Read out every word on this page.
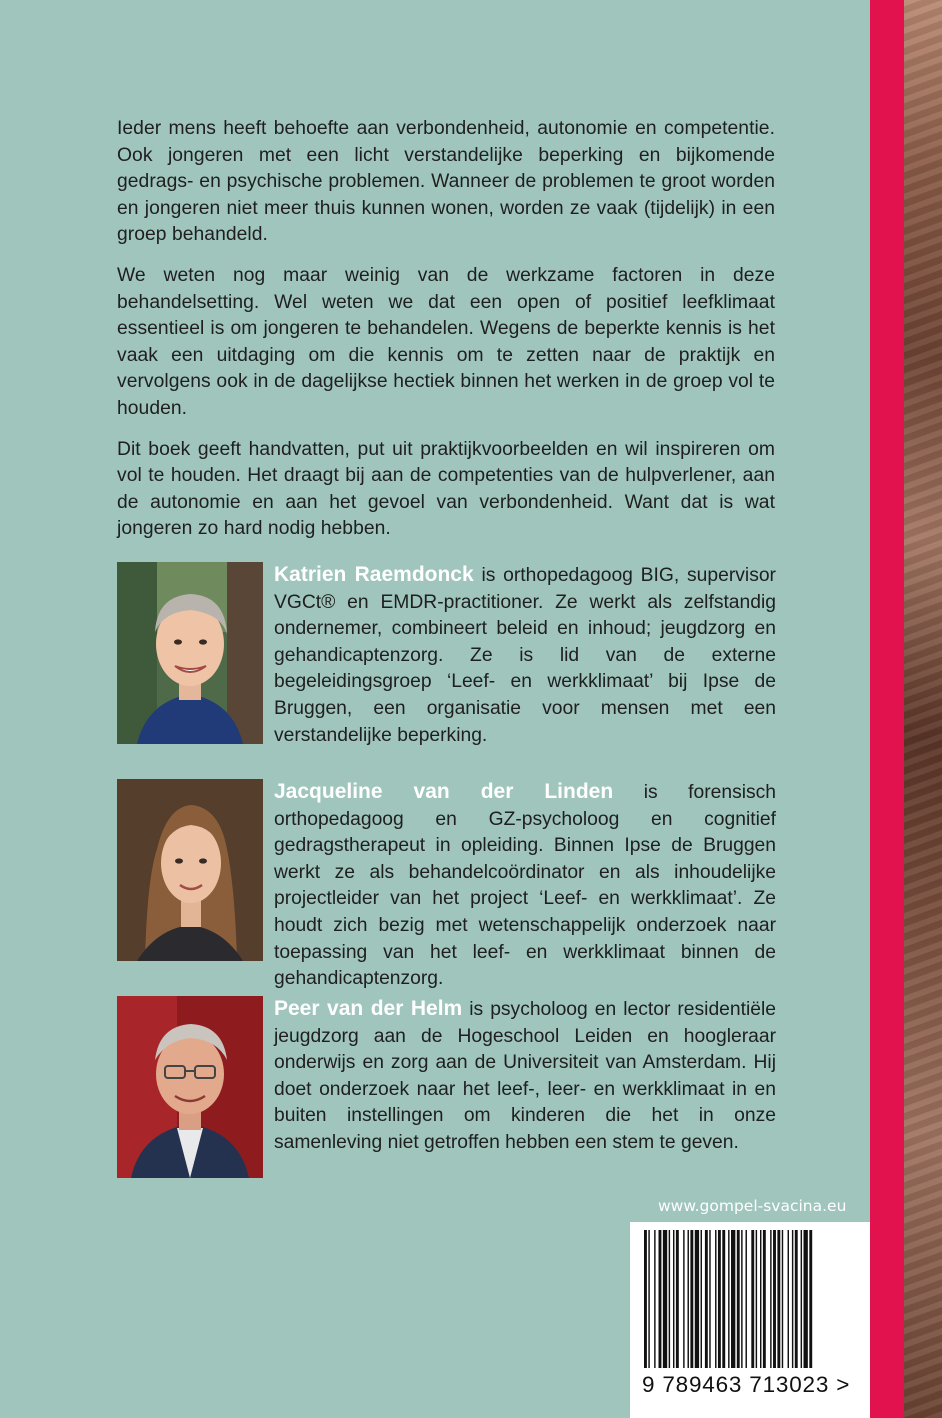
Ieder mens heeft behoefte aan verbondenheid, autonomie en competentie. Ook jongeren met een licht verstandelijke beperking en bijkomende gedrags- en psychische problemen. Wanneer de problemen te groot worden en jongeren niet meer thuis kunnen wonen, worden ze vaak (tijdelijk) in een groep behandeld.

We weten nog maar weinig van de werkzame factoren in deze behandelsetting. Wel weten we dat een open of positief leefklimaat essentieel is om jongeren te behandelen. Wegens de beperkte kennis is het vaak een uitdaging om die kennis om te zetten naar de praktijk en vervolgens ook in de dagelijkse hectiek binnen het werken in de groep vol te houden.

Dit boek geeft handvatten, put uit praktijkvoorbeelden en wil inspireren om vol te houden. Het draagt bij aan de competenties van de hulpverlener, aan de autonomie en aan het gevoel van verbondenheid. Want dat is wat jongeren zo hard nodig hebben.

Katrien Raemdonck is orthopedagoog BIG, supervisor VGCt® en EMDR-practitioner. Ze werkt als zelfstandig ondernemer, combineert beleid en inhoud; jeugdzorg en gehandicaptenzorg. Ze is lid van de externe begeleidingsgroep ‘Leef- en werkklimaat’ bij Ipse de Bruggen, een organisatie voor mensen met een verstandelijke beperking.

Jacqueline van der Linden is forensisch orthopedagoog en GZ-psycholoog en cognitief gedragstherapeut in opleiding. Binnen Ipse de Bruggen werkt ze als behandelcoördinator en als inhoudelijke projectleider van het project ‘Leef- en werkklimaat’. Ze houdt zich bezig met wetenschappelijk onderzoek naar toepassing van het leef- en werkklimaat binnen de gehandicaptenzorg.

Peer van der Helm is psycholoog en lector residentiële jeugdzorg aan de Hogeschool Leiden en hoogleraar onderwijs en zorg aan de Universiteit van Amsterdam. Hij doet onderzoek naar het leef-, leer- en werkklimaat in en buiten instellingen om kinderen die het in onze samenleving niet getroffen hebben een stem te geven.

www.gompel-svacina.eu
9 789463 713023 >
